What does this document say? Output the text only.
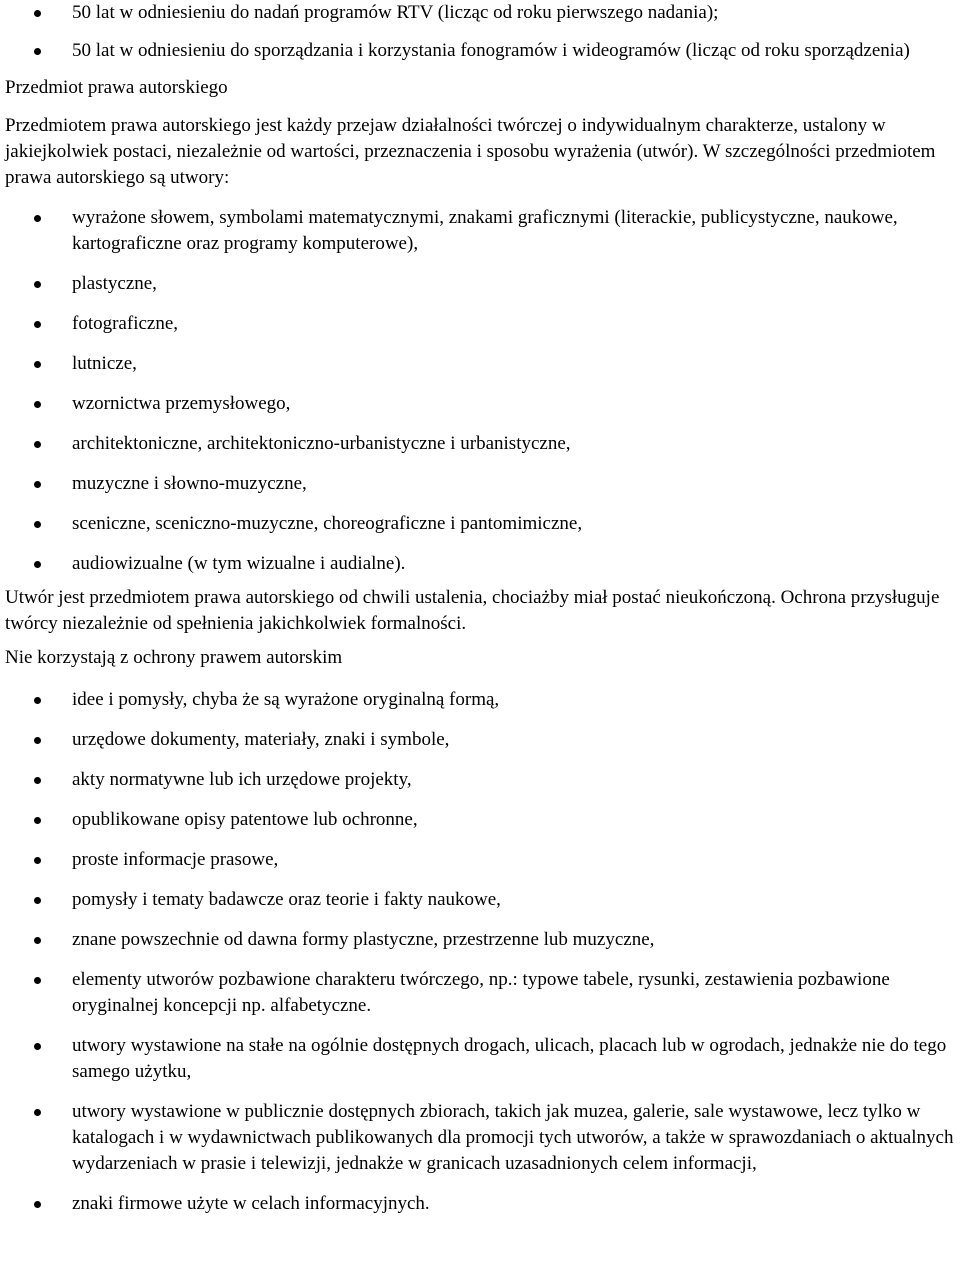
50 lat w odniesieniu do nadań programów RTV (licząc od roku pierwszego nadania);
50 lat w odniesieniu do sporządzania i korzystania fonogramów i wideogramów (licząc od roku sporządzenia)

Przedmiot prawa autorskiego

Przedmiotem prawa autorskiego jest każdy przejaw działalności twórczej o indywidualnym charakterze, ustalony w jakiejkolwiek postaci, niezależnie od wartości, przeznaczenia i sposobu wyrażenia (utwór). W szczególności przedmiotem prawa autorskiego są utwory:

wyrażone słowem, symbolami matematycznymi, znakami graficznymi (literackie, publicystyczne, naukowe, kartograficzne oraz programy komputerowe),
plastyczne,
fotograficzne,
lutnicze,
wzornictwa przemysłowego,
architektoniczne, architektoniczno-urbanistyczne i urbanistyczne,
muzyczne i słowno-muzyczne,
sceniczne, sceniczno-muzyczne, choreograficzne i pantomimiczne,
audiowizualne (w tym wizualne i audialne).

Utwór jest przedmiotem prawa autorskiego od chwili ustalenia, chociażby miał postać nieukończoną. Ochrona przysługuje twórcy niezależnie od spełnienia jakichkolwiek formalności.

Nie korzystają z ochrony prawem autorskim

idee i pomysły, chyba że są wyrażone oryginalną formą,
urzędowe dokumenty, materiały, znaki i symbole,
akty normatywne lub ich urzędowe projekty,
opublikowane opisy patentowe lub ochronne,
proste informacje prasowe,
pomysły i tematy badawcze oraz teorie i fakty naukowe,
znane powszechnie od dawna formy plastyczne, przestrzenne lub muzyczne,
elementy utworów pozbawione charakteru twórczego, np.: typowe tabele, rysunki, zestawienia pozbawione oryginalnej koncepcji np. alfabetyczne.
utwory wystawione na stałe na ogólnie dostępnych drogach, ulicach, placach lub w ogrodach, jednakże nie do tego samego użytku,
utwory wystawione w publicznie dostępnych zbiorach, takich jak muzea, galerie, sale wystawowe, lecz tylko w katalogach i w wydawnictwach publikowanych dla promocji tych utworów, a także w sprawozdaniach o aktualnych wydarzeniach w prasie i telewizji, jednakże w granicach uzasadnionych celem informacji,
znaki firmowe użyte w celach informacyjnych.
